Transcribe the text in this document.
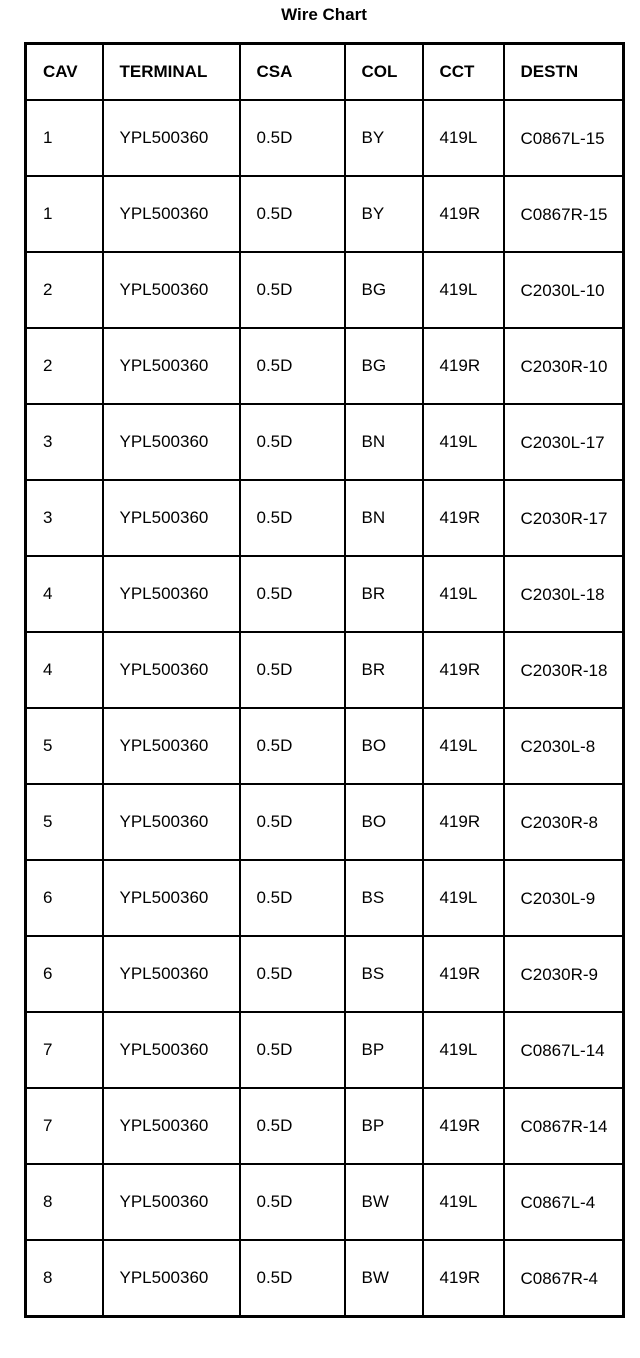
Wire Chart
CAV	TERMINAL	CSA	COL	CCT	DESTN
1	YPL500360	0.5D	BY	419L	C0867L-15
1	YPL500360	0.5D	BY	419R	C0867R-15
2	YPL500360	0.5D	BG	419L	C2030L-10
2	YPL500360	0.5D	BG	419R	C2030R-10
3	YPL500360	0.5D	BN	419L	C2030L-17
3	YPL500360	0.5D	BN	419R	C2030R-17
4	YPL500360	0.5D	BR	419L	C2030L-18
4	YPL500360	0.5D	BR	419R	C2030R-18
5	YPL500360	0.5D	BO	419L	C2030L-8
5	YPL500360	0.5D	BO	419R	C2030R-8
6	YPL500360	0.5D	BS	419L	C2030L-9
6	YPL500360	0.5D	BS	419R	C2030R-9
7	YPL500360	0.5D	BP	419L	C0867L-14
7	YPL500360	0.5D	BP	419R	C0867R-14
8	YPL500360	0.5D	BW	419L	C0867L-4
8	YPL500360	0.5D	BW	419R	C0867R-4
